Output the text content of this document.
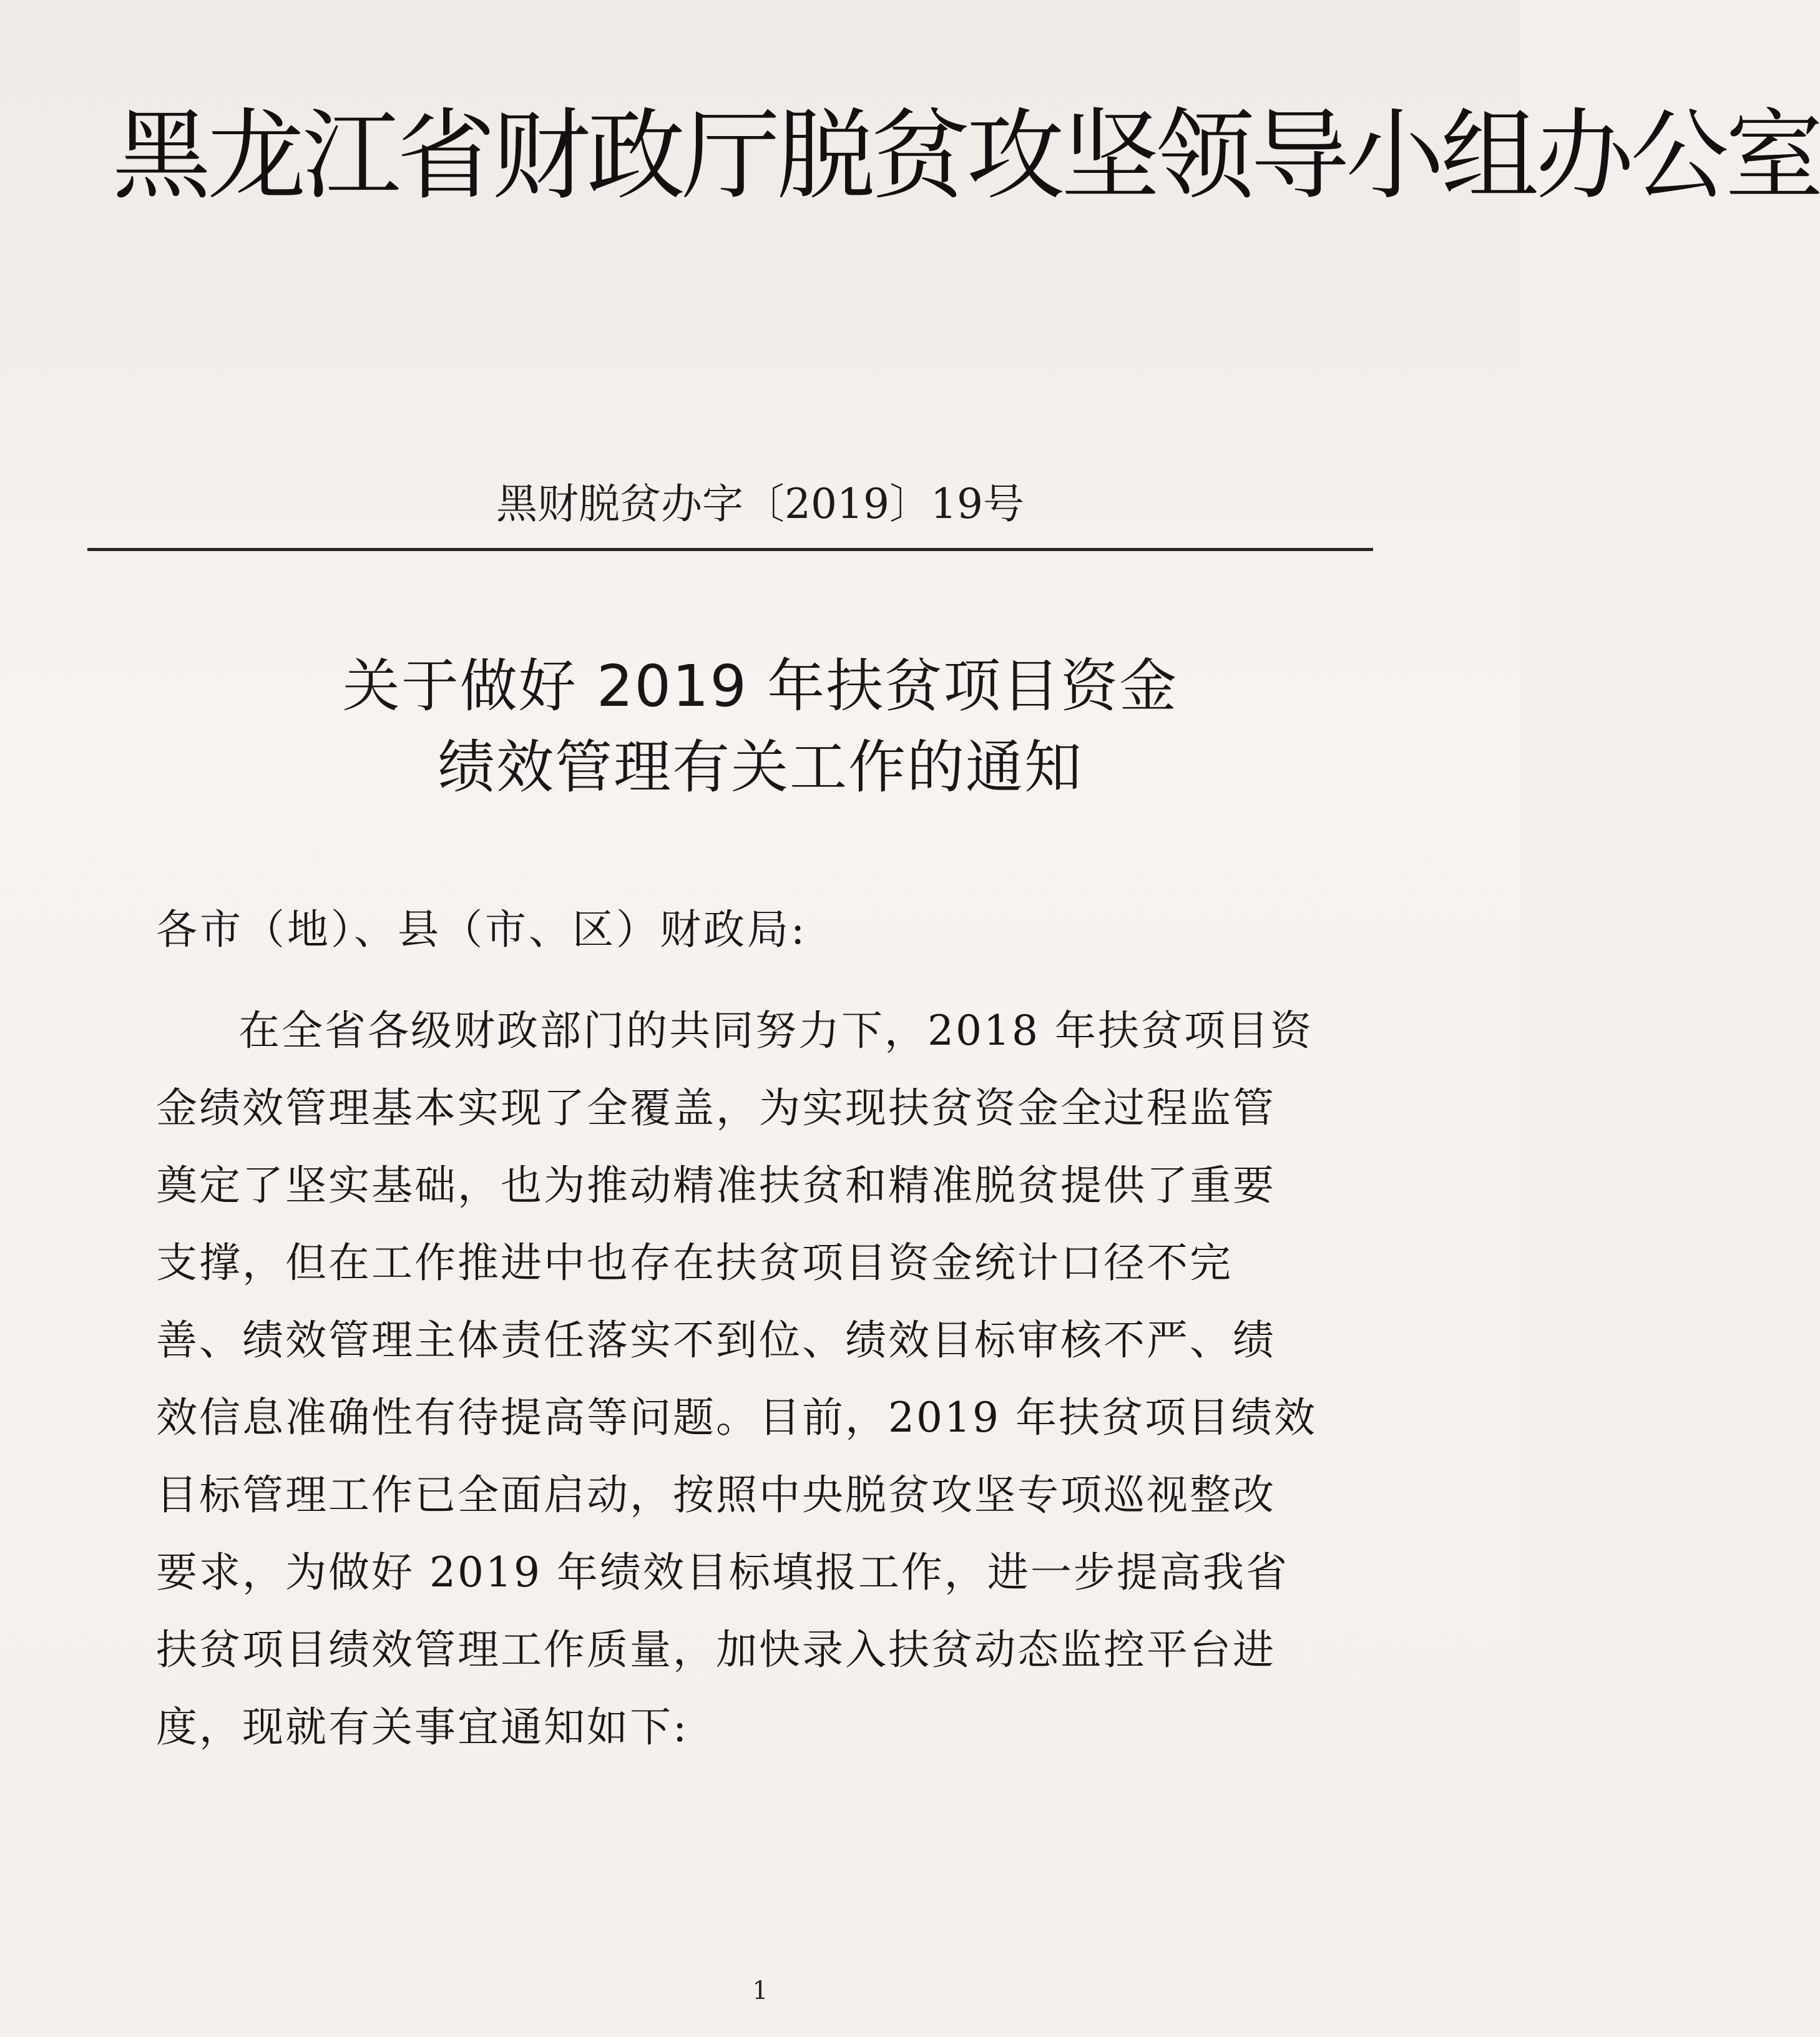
黑龙江省财政厅脱贫攻坚领导小组办公室
黑财脱贫办字〔2019〕19号
关于做好 2019 年扶贫项目资金
绩效管理有关工作的通知
各市（地）、县（市、区）财政局:
在全省各级财政部门的共同努力下，2018 年扶贫项目资
金绩效管理基本实现了全覆盖，为实现扶贫资金全过程监管
奠定了坚实基础，也为推动精准扶贫和精准脱贫提供了重要
支撑，但在工作推进中也存在扶贫项目资金统计口径不完
善、绩效管理主体责任落实不到位、绩效目标审核不严、绩
效信息准确性有待提高等问题。目前，2019 年扶贫项目绩效
目标管理工作已全面启动，按照中央脱贫攻坚专项巡视整改
要求，为做好 2019 年绩效目标填报工作，进一步提高我省
扶贫项目绩效管理工作质量，加快录入扶贫动态监控平台进
度，现就有关事宜通知如下:
1
